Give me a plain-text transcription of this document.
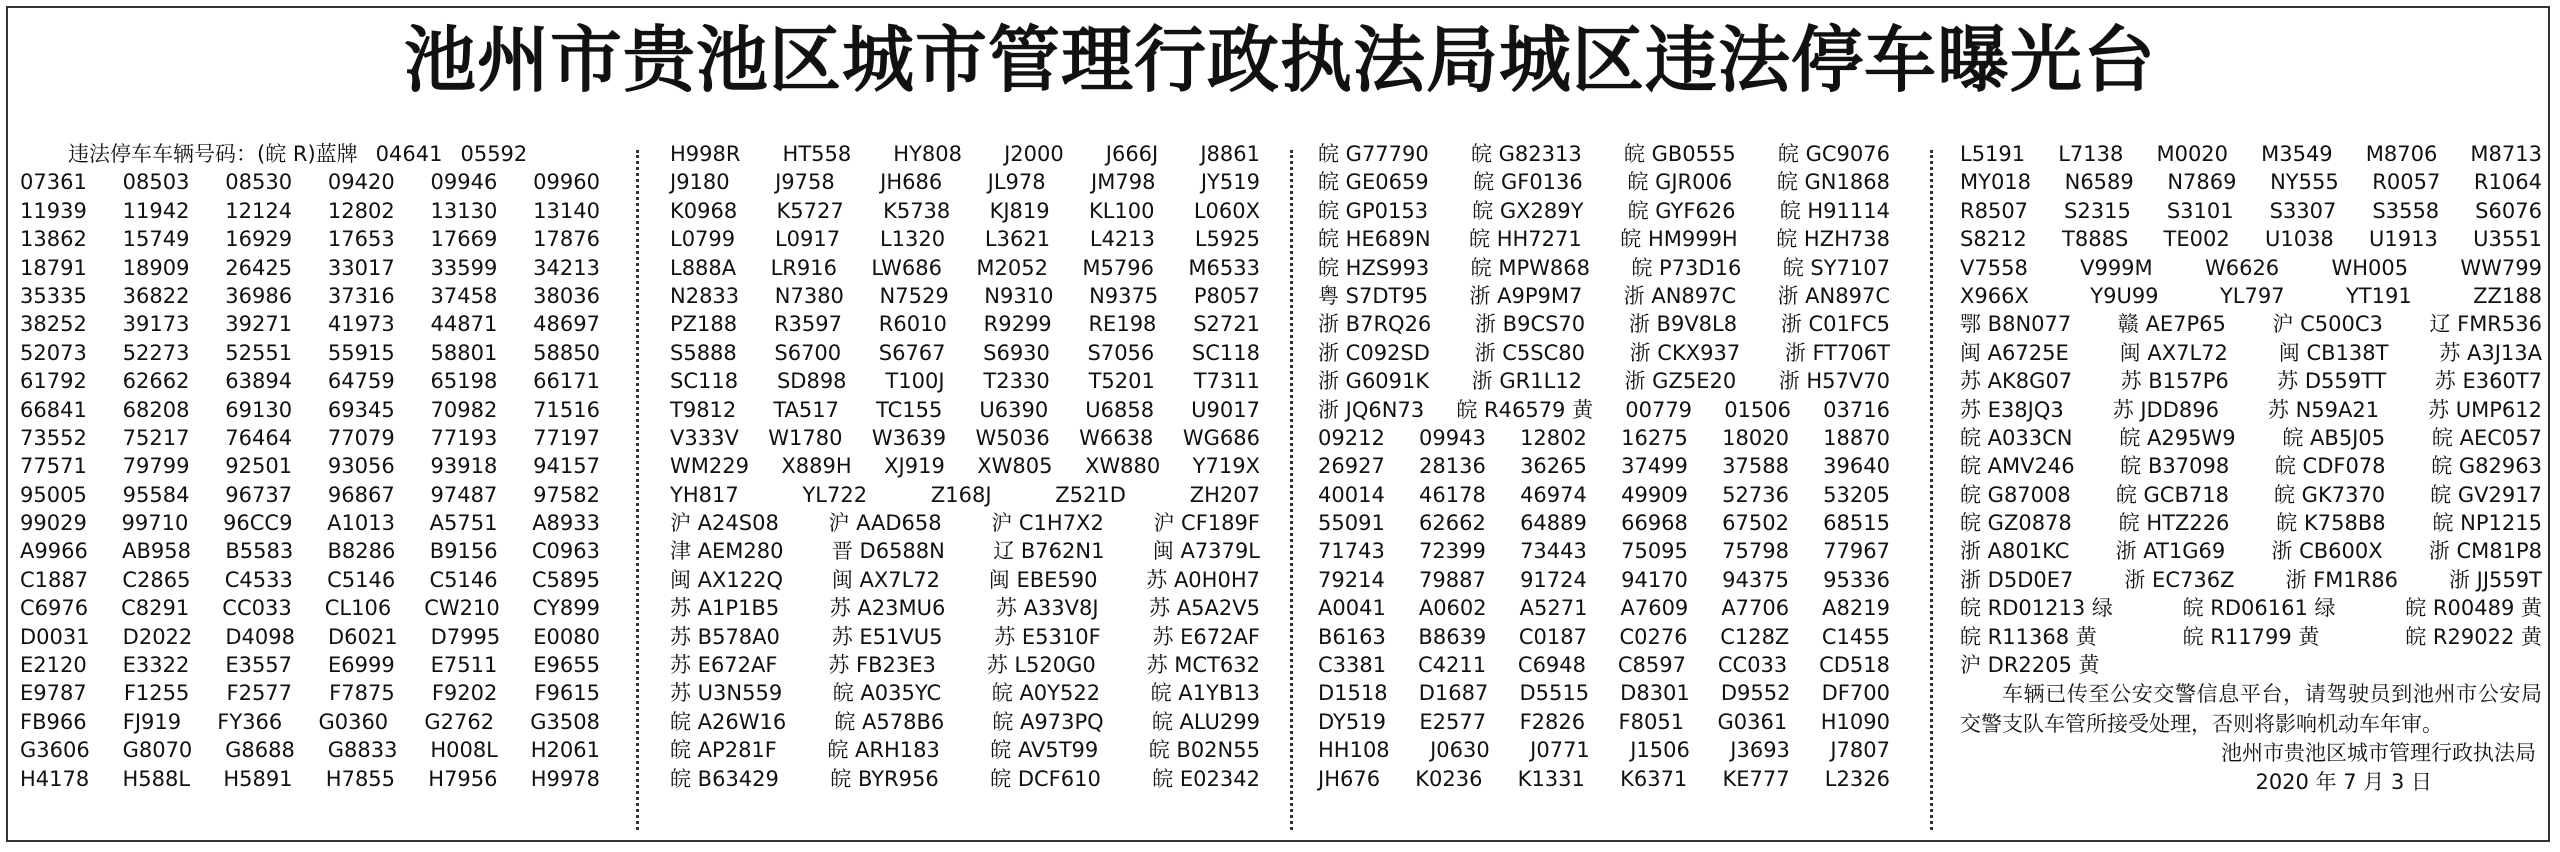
池州市贵池区城市管理行政执法局城区违法停车曝光台
违法停车车辆号码：(皖 R)蓝牌 04641 05592
07361 08503 08530 09420 09946 09960
11939 11942 12124 12802 13130 13140
13862 15749 16929 17653 17669 17876
18791 18909 26425 33017 33599 34213
35335 36822 36986 37316 37458 38036
38252 39173 39271 41973 44871 48697
52073 52273 52551 55915 58801 58850
61792 62662 63894 64759 65198 66171
66841 68208 69130 69345 70982 71516
73552 75217 76464 77079 77193 77197
77571 79799 92501 93056 93918 94157
95005 95584 96737 96867 97487 97582
99029 99710 96CC9 A1013 A5751 A8933
A9966 AB958 B5583 B8286 B9156 C0963
C1887 C2865 C4533 C5146 C5146 C5895
C6976 C8291 CC033 CL106 CW210 CY899
D0031 D2022 D4098 D6021 D7995 E0080
E2120 E3322 E3557 E6999 E7511 E9655
E9787 F1255 F2577 F7875 F9202 F9615
FB966 FJ919 FY366 G0360 G2762 G3508
G3606 G8070 G8688 G8833 H008L H2061
H4178 H588L H5891 H7855 H7956 H9978
H998R HT558 HY808 J2000 J666J J8861
J9180 J9758 JH686 JL978 JM798 JY519
K0968 K5727 K5738 KJ819 KL100 L060X
L0799 L0917 L1320 L3621 L4213 L5925
L888A LR916 LW686 M2052 M5796 M6533
N2833 N7380 N7529 N9310 N9375 P8057
PZ188 R3597 R6010 R9299 RE198 S2721
S5888 S6700 S6767 S6930 S7056 SC118
SC118 SD898 T100J T2330 T5201 T7311
T9812 TA517 TC155 U6390 U6858 U9017
V333V W1780 W3639 W5036 W6638 WG686
WM229 X889H XJ919 XW805 XW880 Y719X
YH817	YL722	Z168J	Z521D	ZH207
沪 A24S08 沪 AAD658 沪 C1H7X2 沪 CF189F
津 AEM280 晋 D6588N 辽 B762N1 闽 A7379L
闽 AX122Q 闽 AX7L72 闽 EBE590 苏 A0H0H7
苏 A1P1B5 苏 A23MU6 苏 A33V8J 苏 A5A2V5
苏 B578A0 苏 E51VU5 苏 E5310F 苏 E672AF
苏 E672AF 苏 FB23E3 苏 L520G0 苏 MCT632
苏 U3N559 皖 A035YC 皖 A0Y522 皖 A1YB13
皖 A26W16 皖 A578B6 皖 A973PQ 皖 ALU299
皖 AP281F 皖 ARH183 皖 AV5T99 皖 B02N55
皖 B63429 皖 BYR956 皖 DCF610 皖 E02342
皖 G77790 皖 G82313 皖 GB0555 皖 GC9076
皖 GE0659 皖 GF0136 皖 GJR006 皖 GN1868
皖 GP0153 皖 GX289Y 皖 GYF626 皖 H91114
皖 HE689N 皖 HH7271 皖 HM999H 皖 HZH738
皖 HZS993 皖 MPW868 皖 P73D16 皖 SY7107
粤 S7DT95 浙 A9P9M7 浙 AN897C 浙 AN897C
浙 B7RQ26 浙 B9CS70 浙 B9V8L8 浙 C01FC5
浙 C092SD 浙 C5SC80 浙 CKX937 浙 FT706T
浙 G6091K 浙 GR1L12 浙 GZ5E20 浙 H57V70
浙 JQ6N73 皖 R46579 黄 00779 01506 03716
09212 09943 12802 16275 18020 18870
26927 28136 36265 37499 37588 39640
40014 46178 46974 49909 52736 53205
55091 62662 64889 66968 67502 68515
71743 72399 73443 75095 75798 77967
79214 79887 91724 94170 94375 95336
A0041 A0602 A5271 A7609 A7706 A8219
B6163 B8639 C0187 C0276 C128Z C1455
C3381 C4211 C6948 C8597 CC033 CD518
D1518 D1687 D5515 D8301 D9552 DF700
DY519 E2577 F2826 F8051 G0361 H1090
HH108 J0630 J0771 J1506 J3693 J7807
JH676 K0236 K1331 K6371 KE777 L2326
L5191 L7138 M0020 M3549 M8706 M8713
MY018 N6589 N7869 NY555 R0057 R1064
R8507 S2315 S3101 S3307 S3558 S6076
S8212 T888S TE002 U1038 U1913 U3551
V7558 V999M W6626 WH005 WW799
X966X	Y9U99	YL797	YT191	ZZ188
鄂 B8N077 赣 AE7P65 沪 C500C3 辽 FMR536
闽 A6725E 闽 AX7L72 闽 CB138T 苏 A3J13A
苏 AK8G07 苏 B157P6 苏 D559TT 苏 E360T7
苏 E38JQ3 苏 JDD896 苏 N59A21 苏 UMP612
皖 A033CN 皖 A295W9 皖 AB5J05 皖 AEC057
皖 AMV246 皖 B37098 皖 CDF078 皖 G82963
皖 G87008 皖 GCB718 皖 GK7370 皖 GV2917
皖 GZ0878 皖 HTZ226 皖 K758B8 皖 NP1215
浙 A801KC 浙 AT1G69 浙 CB600X 浙 CM81P8
浙 D5D0E7 浙 EC736Z 浙 FM1R86 浙 JJ559T
皖 RD01213 绿	皖 RD06161 绿	皖 R00489 黄
皖 R11368 黄	皖 R11799 黄	皖 R29022 黄
沪 DR2205 黄
车辆已传至公安交警信息平台，请驾驶员到池州市公安局交警支队车管所接受处理，否则将影响机动车年审。
池州市贵池区城市管理行政执法局
2020 年 7 月 3 日
